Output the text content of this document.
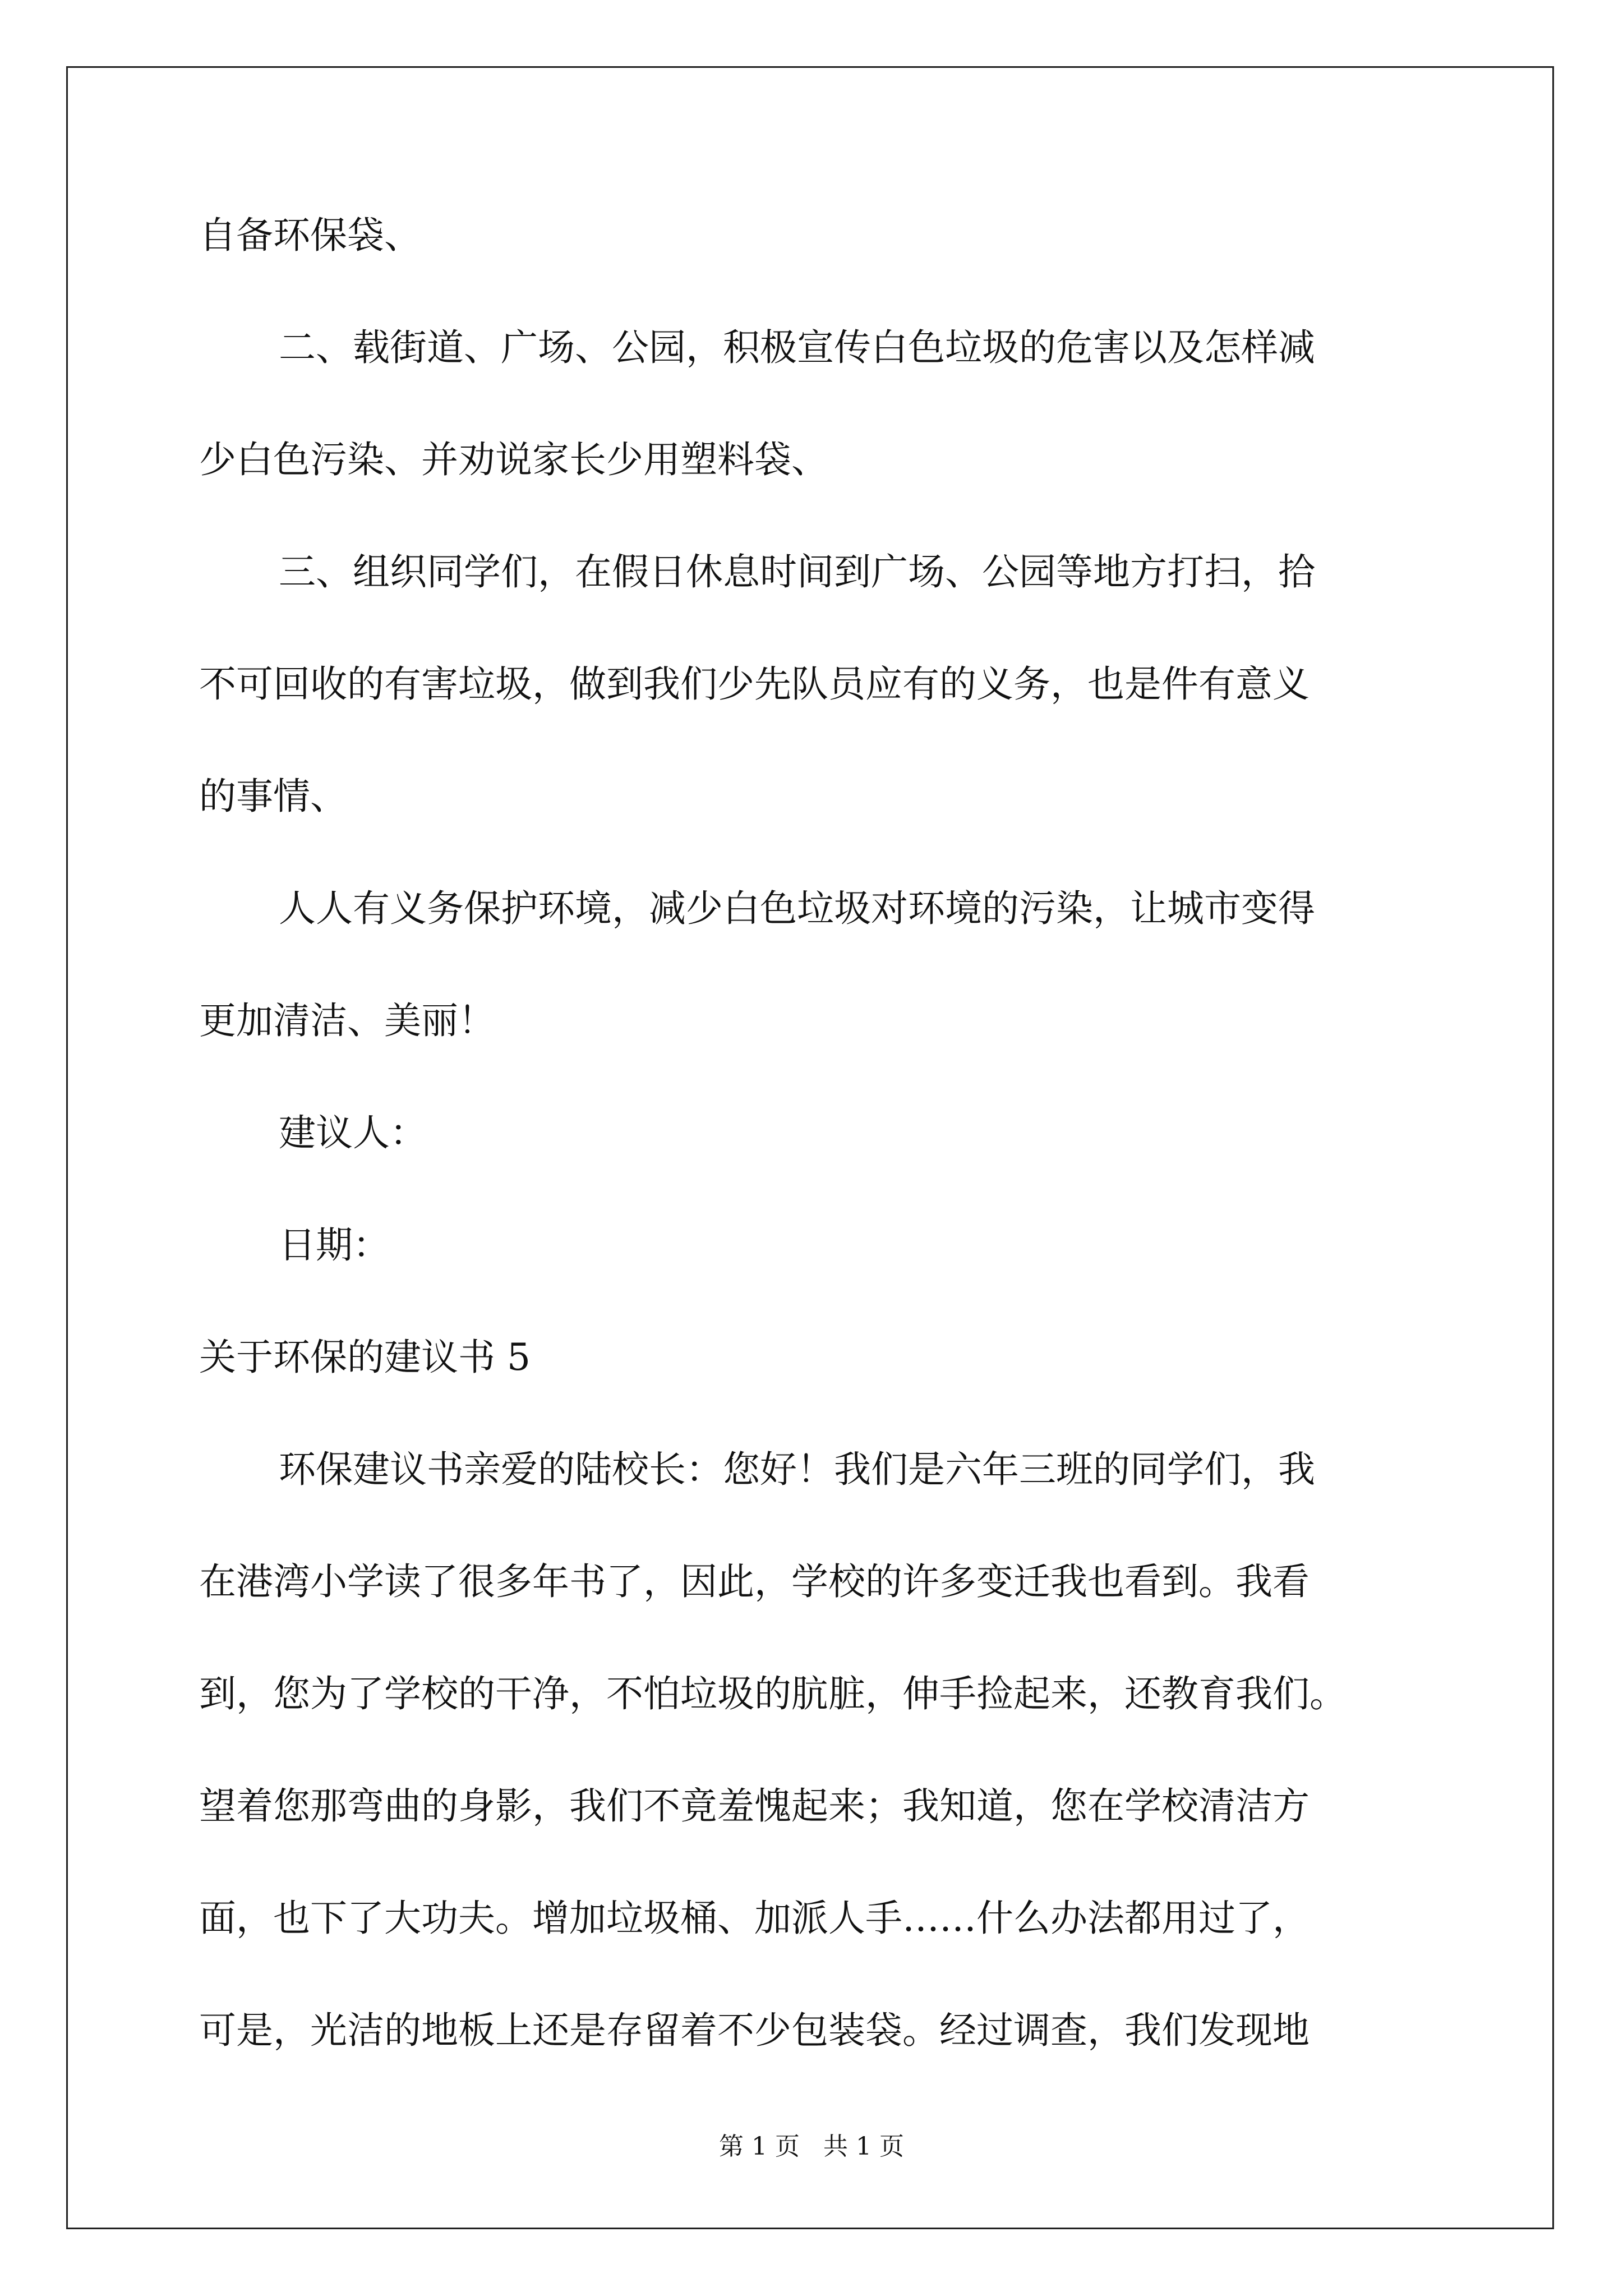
自备环保袋、
二、载街道、广场、公园，积极宣传白色垃圾的危害以及怎样减
少白色污染、并劝说家长少用塑料袋、
三、组织同学们，在假日休息时间到广场、公园等地方打扫，拾
不可回收的有害垃圾，做到我们少先队员应有的义务，也是件有意义
的事情、
人人有义务保护环境，减少白色垃圾对环境的污染，让城市变得
更加清洁、美丽！
建议人：
日期：
关于环保的建议书 5
环保建议书亲爱的陆校长：您好！我们是六年三班的同学们，我
在港湾小学读了很多年书了，因此，学校的许多变迁我也看到。我看
到，您为了学校的干净，不怕垃圾的肮脏，伸手捡起来，还教育我们。
望着您那弯曲的身影，我们不竟羞愧起来；我知道，您在学校清洁方
面，也下了大功夫。增加垃圾桶、加派人手……什么办法都用过了，
可是，光洁的地板上还是存留着不少包装袋。经过调查，我们发现地
第 1 页   共 1 页
